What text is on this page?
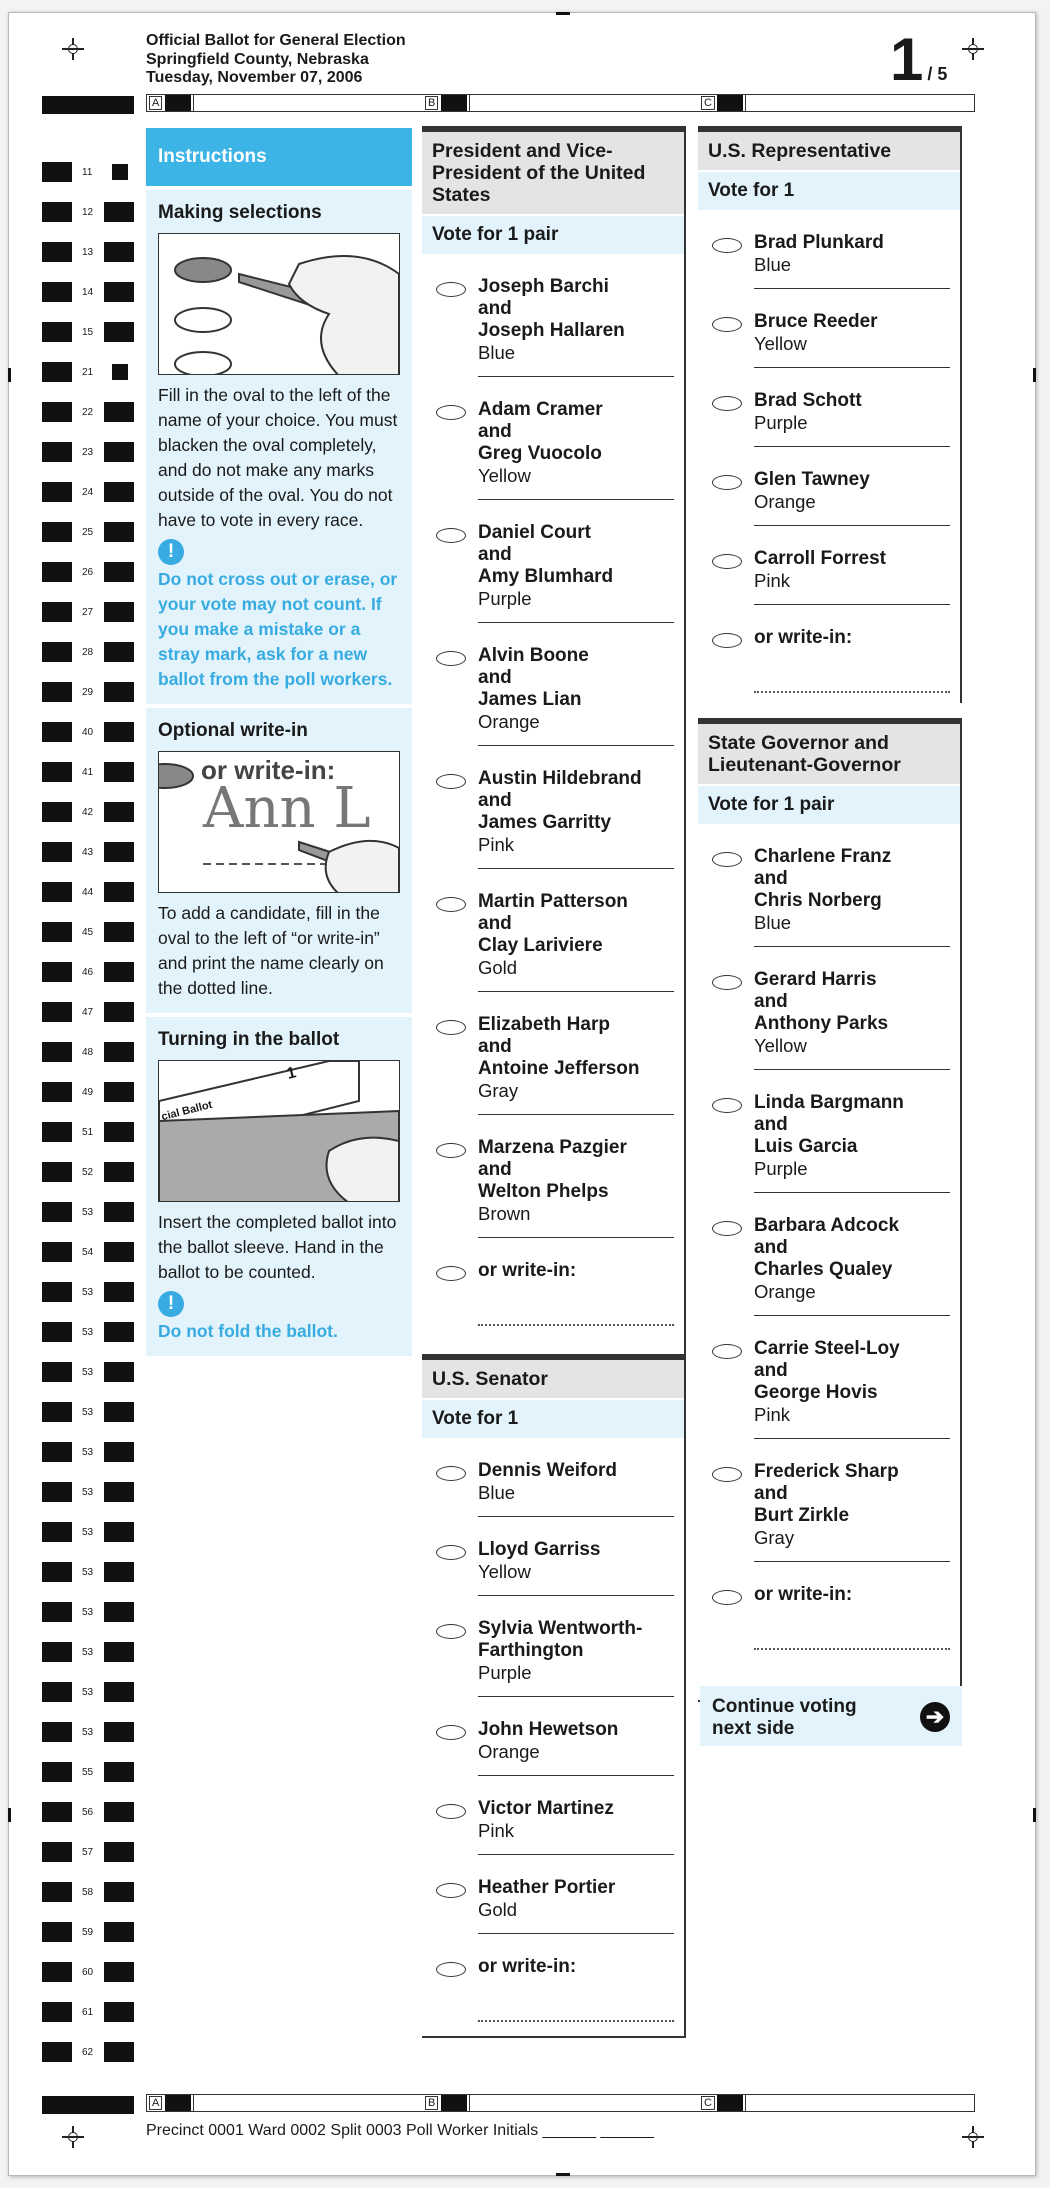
Official Ballot for General Election
Springfield County, Nebraska
Tuesday, November 07, 2006	1 / 5
A	B	C
A	B	C
11
12
13
14
15
21
22
23
24
25
26
27
28
29
40
41
42
43
44
45
46
47
48
49
51
52
53
54
53
53
53
53
53
53
53
53
53
53
53
53
55
56
57
58
59
60
61
62
Instructions
Making selections
Fill in the oval to the left of the name of your choice. You must blacken the oval completely, and do not make any marks outside of the oval. You do not have to vote in every race.
!
Do not cross out or erase, or your vote may not count. If you make a mistake or a stray mark, ask for a new ballot from the poll workers.
Optional write-in
or write-in:
Ann L
To add a candidate, fill in the oval to the left of “or write-in” and print the name clearly on the dotted line.
Turning in the ballot
cial Ballot
1
Insert the completed ballot into the ballot sleeve. Hand in the ballot to be counted.
!
Do not fold the ballot.
President and Vice-President of the United States
Vote for 1 pair
Joseph Barchi
and
Joseph Hallaren
Blue
Adam Cramer
and
Greg Vuocolo
Yellow
Daniel Court
and
Amy Blumhard
Purple
Alvin Boone
and
James Lian
Orange
Austin Hildebrand
and
James Garritty
Pink
Martin Patterson
and
Clay Lariviere
Gold
Elizabeth Harp
and
Antoine Jefferson
Gray
Marzena Pazgier
and
Welton Phelps
Brown
or write-in:
U.S. Senator
Vote for 1
Dennis Weiford
Blue
Lloyd Garriss
Yellow
Sylvia Wentworth-Farthington
Purple
John Hewetson
Orange
Victor Martinez
Pink
Heather Portier
Gold
or write-in:
U.S. Representative
Vote for 1
Brad Plunkard
Blue
Bruce Reeder
Yellow
Brad Schott
Purple
Glen Tawney
Orange
Carroll Forrest
Pink
or write-in:
State Governor and Lieutenant-Governor
Vote for 1 pair
Charlene Franz
and
Chris Norberg
Blue
Gerard Harris
and
Anthony Parks
Yellow
Linda Bargmann
and
Luis Garcia
Purple
Barbara Adcock
and
Charles Qualey
Orange
Carrie Steel-Loy
and
George Hovis
Pink
Frederick Sharp
and
Burt Zirkle
Gray
or write-in:
Continue voting next side	➔
Precinct 0001 Ward 0002 Split 0003 Poll Worker Initials ______ ______
